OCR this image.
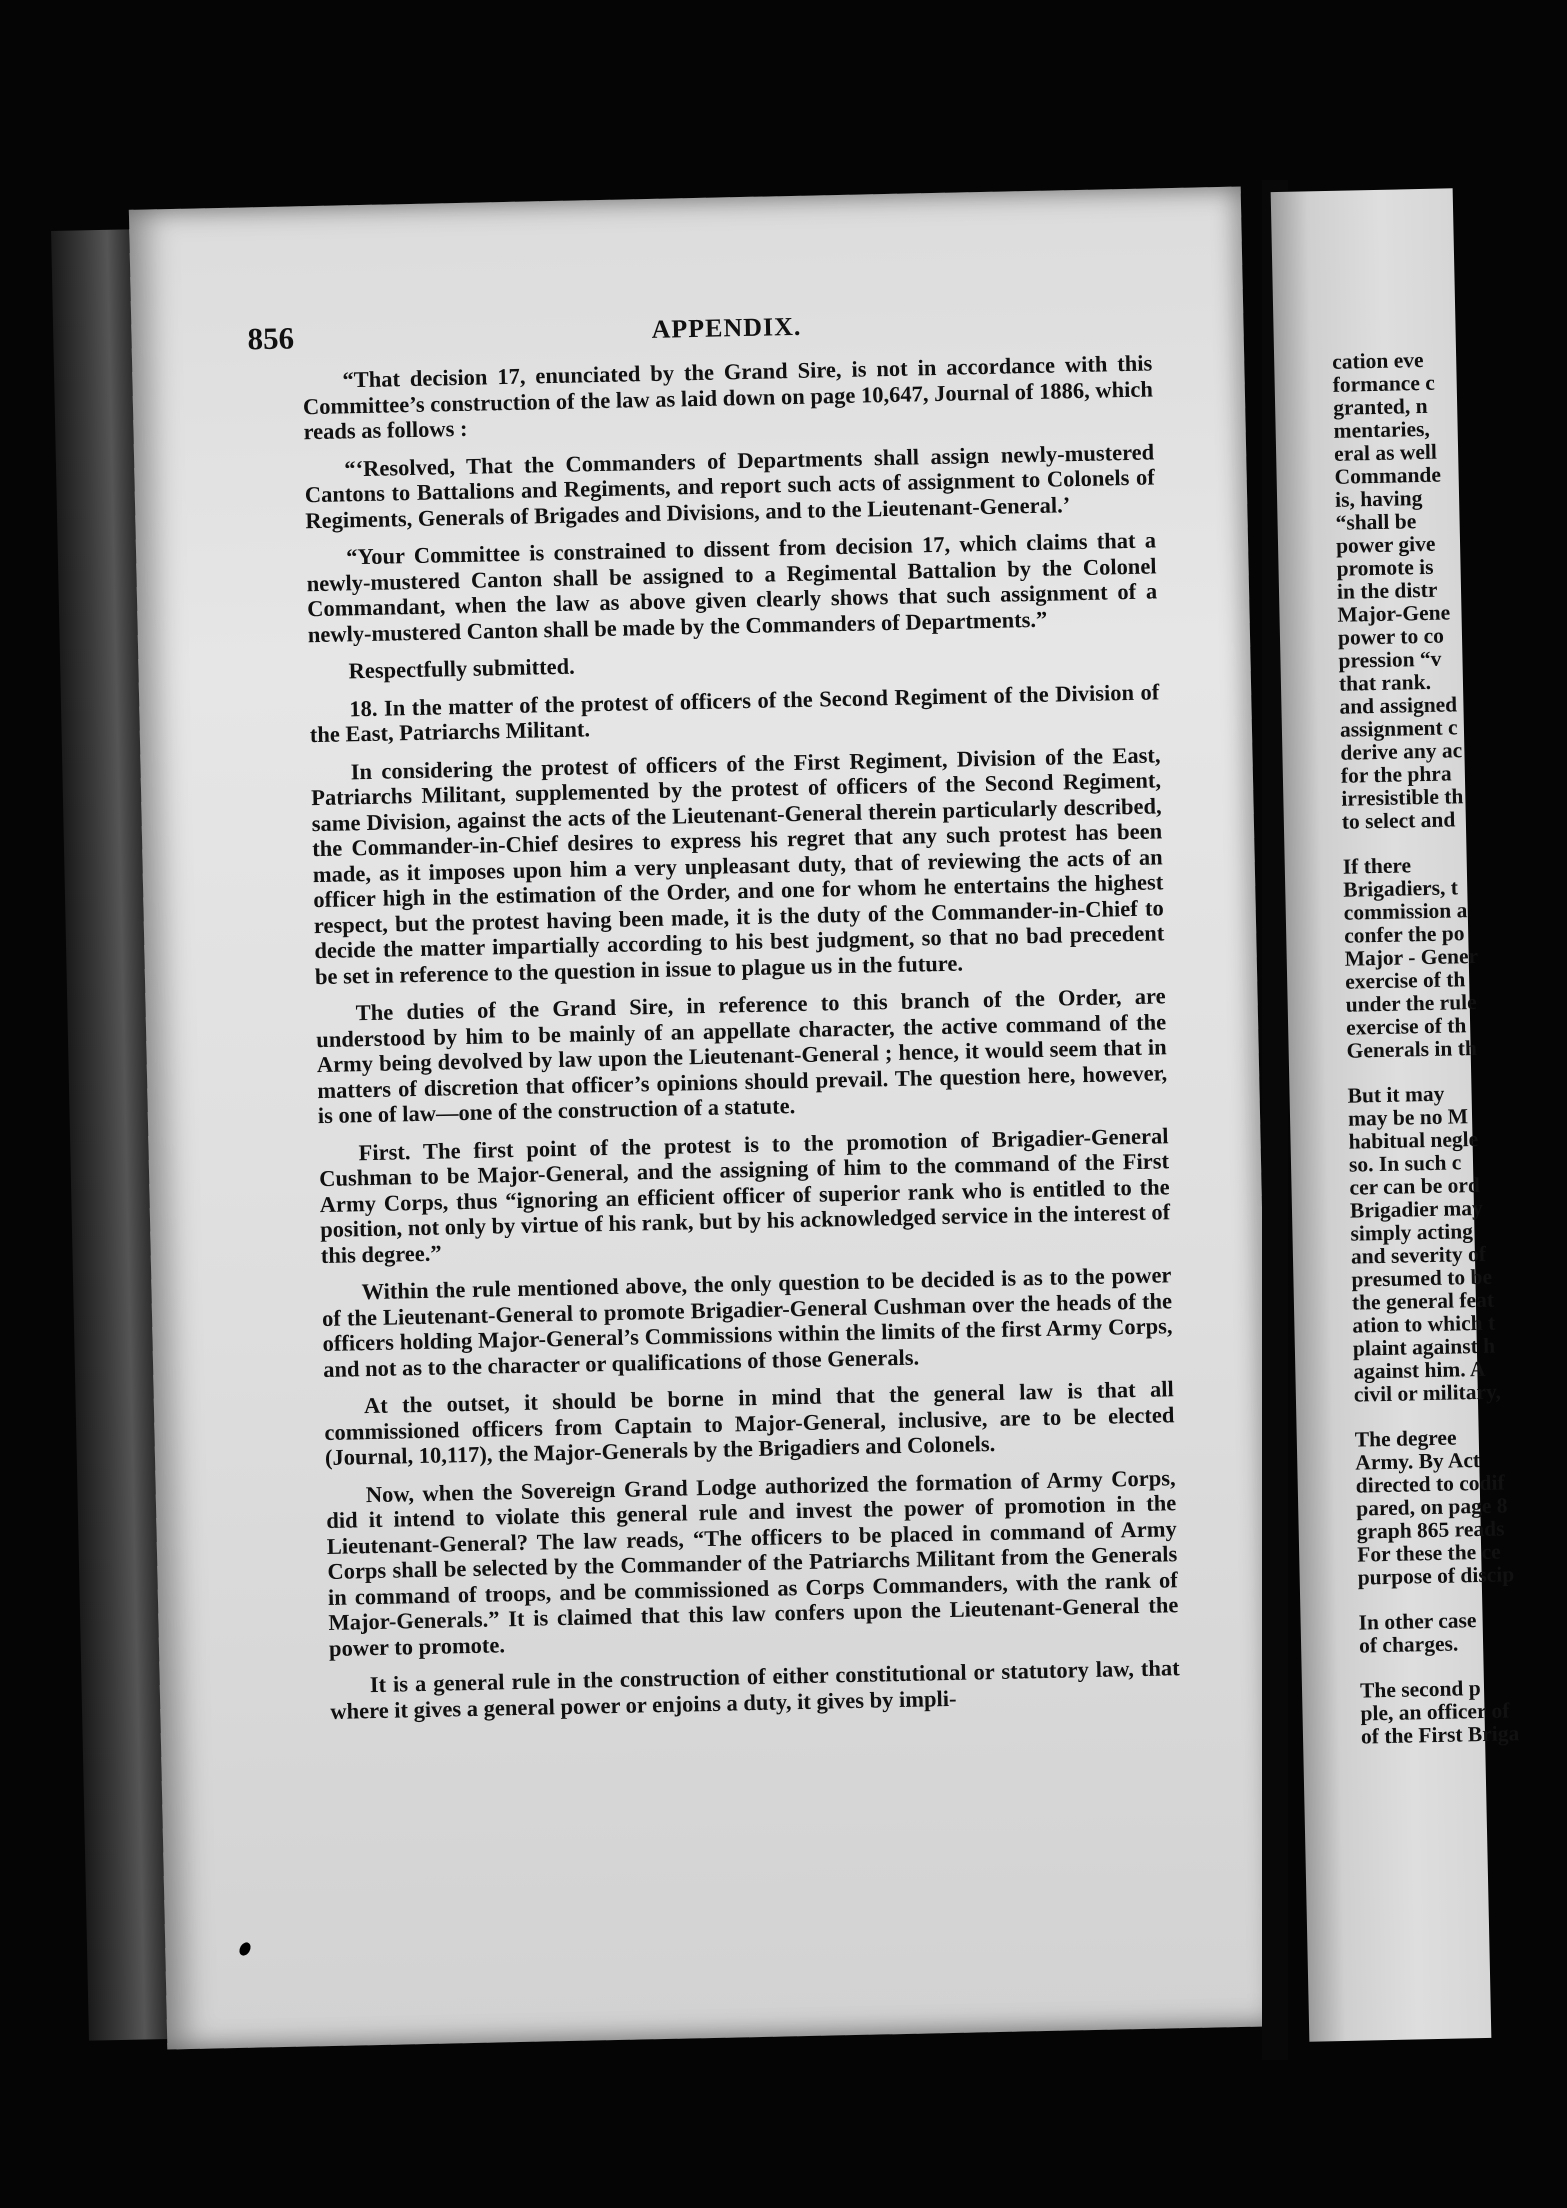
856	APPENDIX.

“That decision 17, enunciated by the Grand Sire, is not in accordance with this Committee’s construction of the law as laid down on page 10,647, Journal of 1886, which reads as follows :

“‘Resolved, That the Commanders of Departments shall assign newly-mustered Cantons to Battalions and Regiments, and report such acts of assignment to Colonels of Regiments, Generals of Brigades and Divisions, and to the Lieutenant-General.’

“Your Committee is constrained to dissent from decision 17, which claims that a newly-mustered Canton shall be assigned to a Regimental Battalion by the Colonel Commandant, when the law as above given clearly shows that such assignment of a newly-mustered Canton shall be made by the Commanders of Departments.”

Respectfully submitted.

18. In the matter of the protest of officers of the Second Regiment of the Division of the East, Patriarchs Militant.

In considering the protest of officers of the First Regiment, Division of the East, Patriarchs Militant, supplemented by the protest of officers of the Second Regiment, same Division, against the acts of the Lieutenant-General therein particularly described, the Commander-in-Chief desires to express his regret that any such protest has been made, as it imposes upon him a very unpleasant duty, that of reviewing the acts of an officer high in the estimation of the Order, and one for whom he entertains the highest respect, but the protest having been made, it is the duty of the Commander-in-Chief to decide the matter impartially according to his best judgment, so that no bad precedent be set in reference to the question in issue to plague us in the future.

The duties of the Grand Sire, in reference to this branch of the Order, are understood by him to be mainly of an appellate character, the active command of the Army being devolved by law upon the Lieutenant-General ; hence, it would seem that in matters of discretion that officer’s opinions should prevail. The question here, however, is one of law—one of the construction of a statute.

First. The first point of the protest is to the promotion of Brigadier-General Cushman to be Major-General, and the assigning of him to the command of the First Army Corps, thus “ignoring an efficient officer of superior rank who is entitled to the position, not only by virtue of his rank, but by his acknowledged service in the interest of this degree.”

Within the rule mentioned above, the only question to be decided is as to the power of the Lieutenant-General to promote Brigadier-General Cushman over the heads of the officers holding Major-General’s Commissions within the limits of the first Army Corps, and not as to the character or qualifications of those Generals.

At the outset, it should be borne in mind that the general law is that all commissioned officers from Captain to Major-General, inclusive, are to be elected (Journal, 10,117), the Major-Generals by the Brigadiers and Colonels.

Now, when the Sovereign Grand Lodge authorized the formation of Army Corps, did it intend to violate this general rule and invest the power of promotion in the Lieutenant-General? The law reads, “The officers to be placed in command of Army Corps shall be selected by the Commander of the Patriarchs Militant from the Generals in command of troops, and be commissioned as Corps Commanders, with the rank of Major-Generals.” It is claimed that this law confers upon the Lieutenant-General the power to promote.

It is a general rule in the construction of either constitutional or statutory law, that where it gives a general power or enjoins a duty, it gives by impli-

cation eve
formance c
granted, n
mentaries,
eral as well
Commande
is, having
“shall be
power give
promote is
in the distr
Major-Gene
power to co
pression “v
that rank.
and assigned
assignment c
derive any ac
for the phra
irresistible th
to select and
If there
Brigadiers, t
commission a
confer the po
Major - Gener
exercise of th
under the rule
exercise of th
Generals in th
But it may
may be no M
habitual negle
so. In such c
cer can be ord
Brigadier may
simply acting
and severity of
presumed to be
the general feat
ation to which t
plaint against h
against him. A
civil or military,
The degree
Army. By Act
directed to codif
pared, on page 8
graph 865 reads
For these the ce
purpose of discip
In other case
of charges.
The second p
ple, an officer of
of the First Briga
